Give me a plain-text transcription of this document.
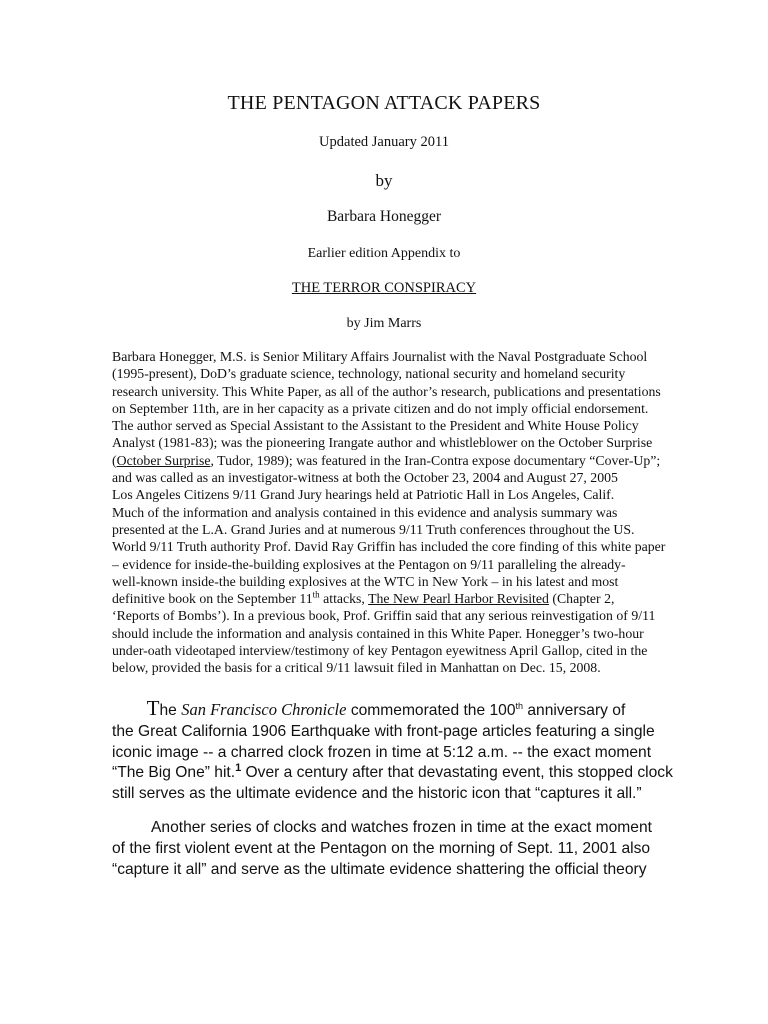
THE PENTAGON ATTACK PAPERS
Updated January 2011
by
Barbara Honegger
Earlier edition Appendix to
THE TERROR CONSPIRACY
by Jim Marrs
Barbara Honegger, M.S. is Senior Military Affairs Journalist with the Naval Postgraduate School
(1995-present), DoD’s graduate science, technology, national security and homeland security
research university. This White Paper, as all of the author’s research, publications and presentations
on September 11th, are in her capacity as a private citizen and do not imply official endorsement.
The author served as Special Assistant to the Assistant to the President and White House Policy
Analyst (1981-83); was the pioneering Irangate author and whistleblower on the October Surprise
(October Surprise, Tudor, 1989); was featured in the Iran-Contra expose documentary “Cover-Up”;
and was called as an investigator-witness at both the October 23, 2004 and August 27, 2005
Los Angeles Citizens 9/11 Grand Jury hearings held at Patriotic Hall in Los Angeles, Calif.
Much of the information and analysis contained in this evidence and analysis summary was
presented at the L.A. Grand Juries and at numerous 9/11 Truth conferences throughout the US.
World 9/11 Truth authority Prof. David Ray Griffin has included the core finding of this white paper
– evidence for inside-the-building explosives at the Pentagon on 9/11 paralleling the already-
well-known inside-the building explosives at the WTC in New York – in his latest and most
definitive book on the September 11th attacks, The New Pearl Harbor Revisited (Chapter 2,
‘Reports of Bombs’). In a previous book, Prof. Griffin said that any serious reinvestigation of 9/11
should include the information and analysis contained in this White Paper. Honegger’s two-hour
under-oath videotaped interview/testimony of key Pentagon eyewitness April Gallop, cited in the
below, provided the basis for a critical 9/11 lawsuit filed in Manhattan on Dec. 15, 2008.
The San Francisco Chronicle commemorated the 100th anniversary of
the Great California 1906 Earthquake with front-page articles featuring a single
iconic image -- a charred clock frozen in time at 5:12 a.m. -- the exact moment
“The Big One” hit.$^1$ Over a century after that devastating event, this stopped clock
still serves as the ultimate evidence and the historic icon that “captures it all.”
Another series of clocks and watches frozen in time at the exact moment
of the first violent event at the Pentagon on the morning of Sept. 11, 2001 also
“capture it all” and serve as the ultimate evidence shattering the official theory
